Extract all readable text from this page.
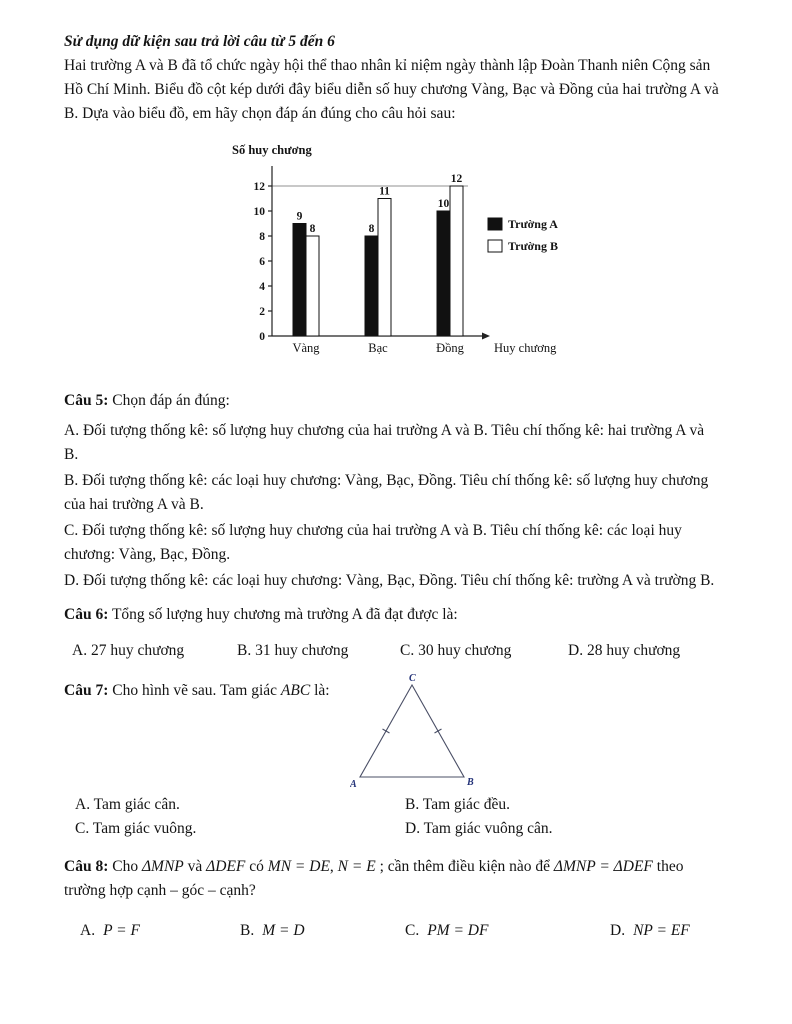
Sử dụng dữ kiện sau trả lời câu từ 5 đến 6

Hai trường A và B đã tổ chức ngày hội thể thao nhân kỉ niệm ngày thành lập Đoàn Thanh niên Cộng sản Hồ Chí Minh. Biểu đồ cột kép dưới đây biểu diễn số huy chương Vàng, Bạc và Đồng của hai trường A và B. Dựa vào biểu đồ, em hãy chọn đáp án đúng cho câu hỏi sau:

Số huy chương
0
2
4
6
8
10
12
9
8
Vàng
8
11
Bạc
10
12
Đồng Huy chương
Trường A
Trường B

Câu 5: Chọn đáp án đúng:

A. Đối tượng thống kê: số lượng huy chương của hai trường A và B. Tiêu chí thống kê: hai trường A và B.

B. Đối tượng thống kê: các loại huy chương: Vàng, Bạc, Đồng. Tiêu chí thống kê: số lượng huy chương của hai trường A và B.

C. Đối tượng thống kê: số lượng huy chương của hai trường A và B. Tiêu chí thống kê: các loại huy chương: Vàng, Bạc, Đồng.

D. Đối tượng thống kê: các loại huy chương: Vàng, Bạc, Đồng. Tiêu chí thống kê: trường A và trường B.

Câu 6: Tổng số lượng huy chương mà trường A đã đạt được là:

A. 27 huy chương	B. 31 huy chương	C. 30 huy chương	D. 28 huy chương

Câu 7: Cho hình vẽ sau. Tam giác ABC là:

C
A	B
A. Tam giác cân.	B. Tam giác đều.
C. Tam giác vuông.	D. Tam giác vuông cân.

Câu 8: Cho ΔMNP và ΔDEF có MN = DE, N = E ; cần thêm điều kiện nào để ΔMNP = ΔDEF theo trường hợp cạnh – góc – cạnh?

A. P = F	B. M = D	C. PM = DF	D. NP = EF
